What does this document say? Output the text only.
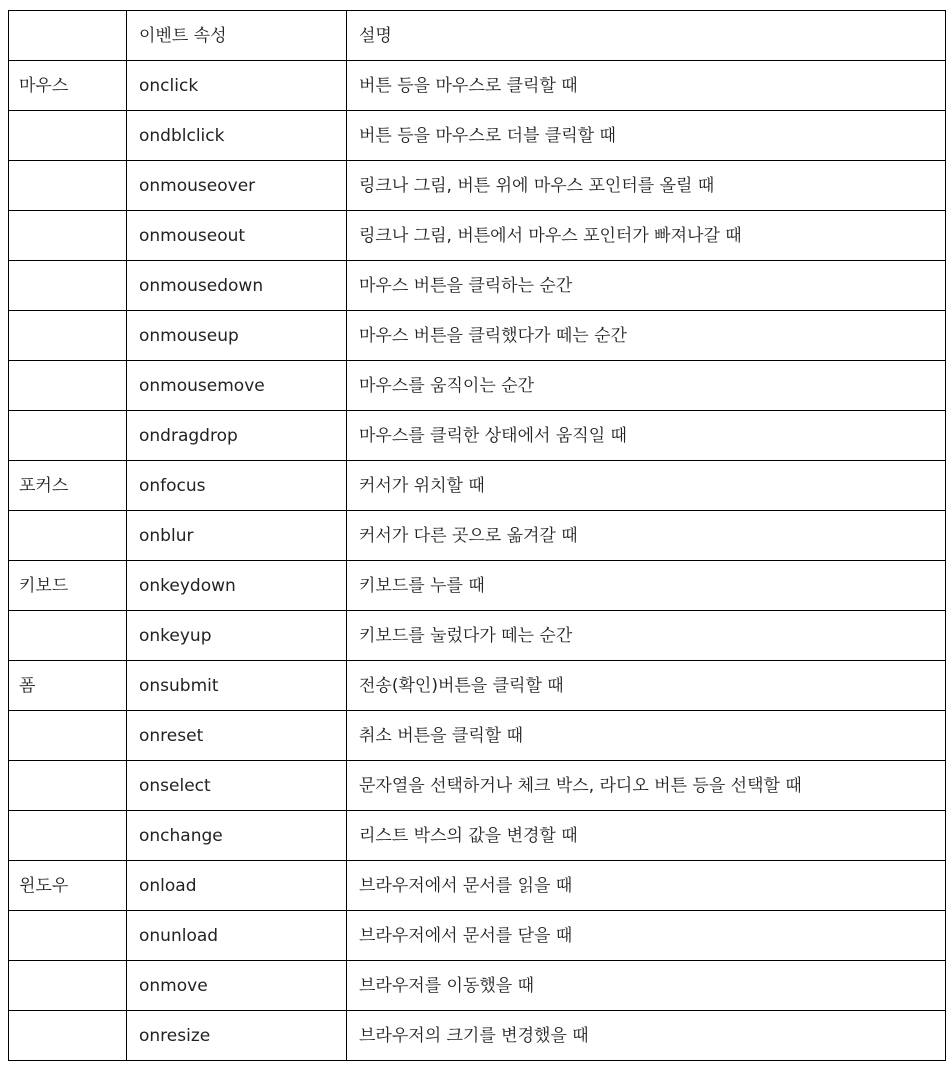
	이벤트 속성	설명
마우스	onclick	버튼 등을 마우스로 클릭할 때
	ondblclick	버튼 등을 마우스로 더블 클릭할 때
	onmouseover	링크나 그림, 버튼 위에 마우스 포인터를 올릴 때
	onmouseout	링크나 그림, 버튼에서 마우스 포인터가 빠져나갈 때
	onmousedown	마우스 버튼을 클릭하는 순간
	onmouseup	마우스 버튼을 클릭했다가 떼는 순간
	onmousemove	마우스를 움직이는 순간
	ondragdrop	마우스를 클릭한 상태에서 움직일 때
포커스	onfocus	커서가 위치할 때
	onblur	커서가 다른 곳으로 옮겨갈 때
키보드	onkeydown	키보드를 누를 때
	onkeyup	키보드를 눌렀다가 떼는 순간
폼	onsubmit	전송(확인)버튼을 클릭할 때
	onreset	취소 버튼을 클릭할 때
	onselect	문자열을 선택하거나 체크 박스, 라디오 버튼 등을 선택할 때
	onchange	리스트 박스의 값을 변경할 때
윈도우	onload	브라우저에서 문서를 읽을 때
	onunload	브라우저에서 문서를 닫을 때
	onmove	브라우저를 이동했을 때
	onresize	브라우저의 크기를 변경했을 때
